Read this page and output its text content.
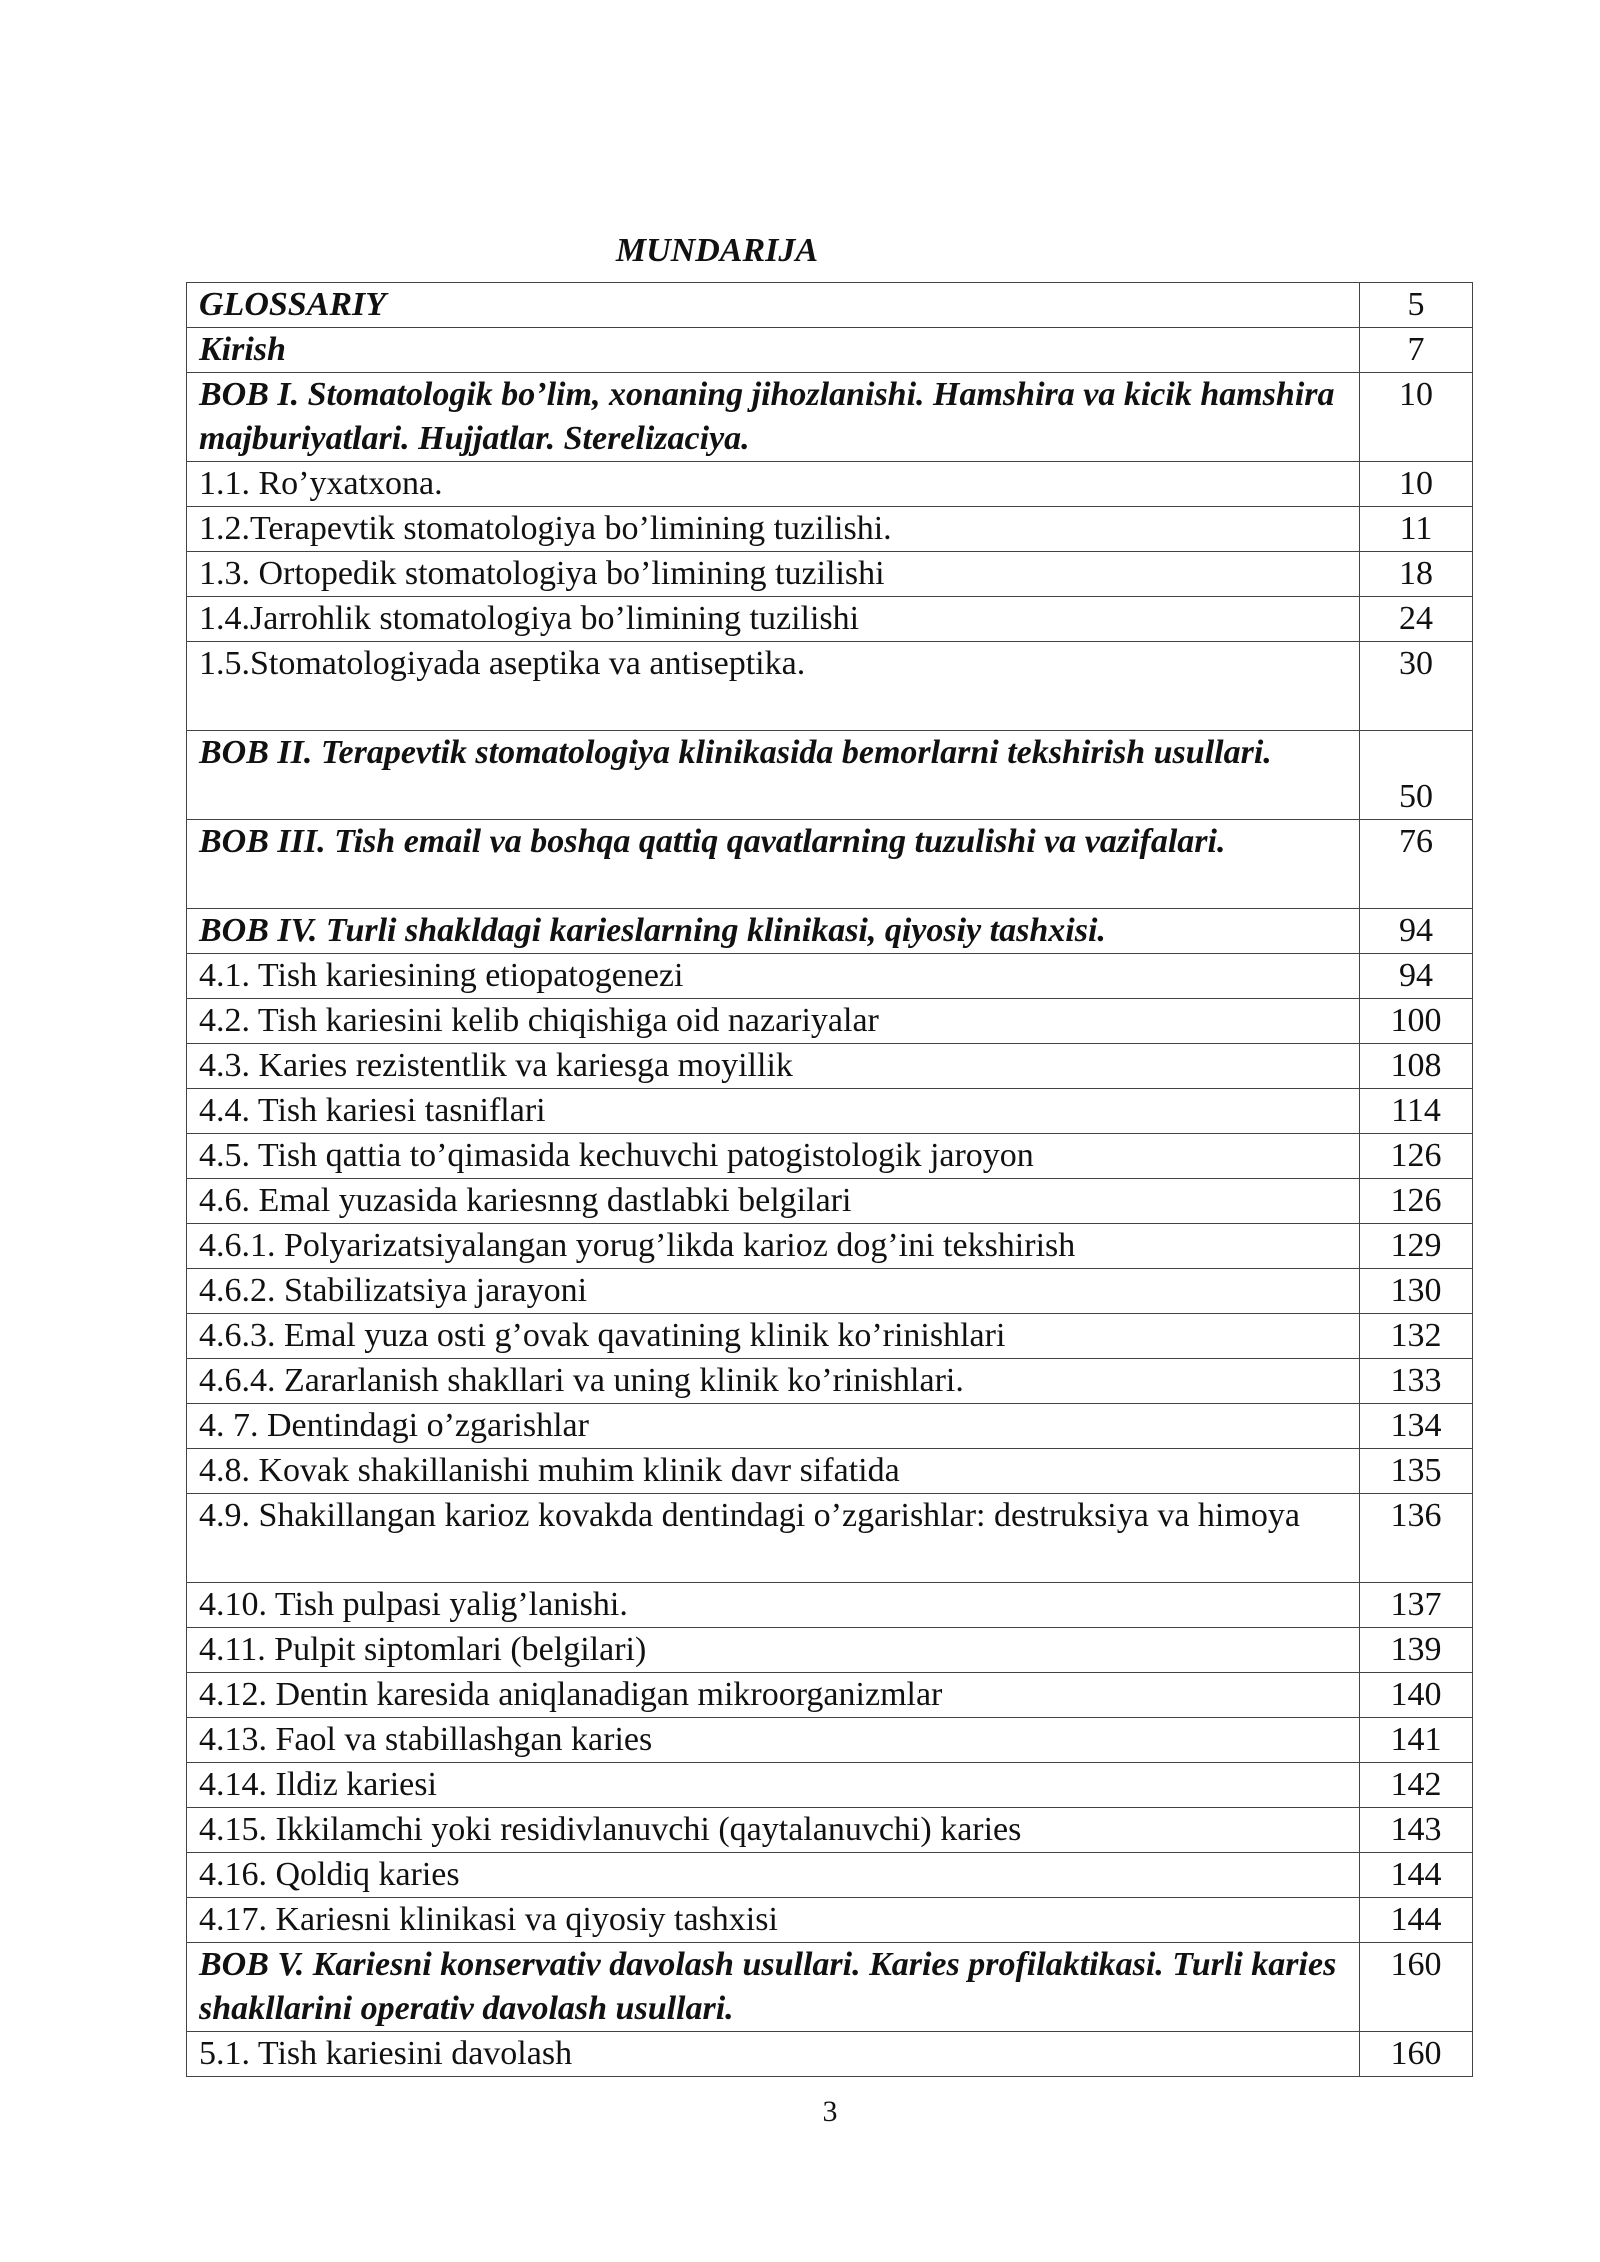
MUNDARIJA
GLOSSARIY	5
Kirish	7
BOB I. Stomatologik bo’lim, xonaning jihozlanishi. Hamshira va kicik hamshira majburiyatlari. Hujjatlar. Sterelizaciya.	10
1.1. Ro’yxatxona.	10
1.2.Terapevtik stomatologiya bo’limining tuzilishi.	11
1.3. Ortopedik stomatologiya bo’limining tuzilishi	18
1.4.Jarrohlik stomatologiya bo’limining tuzilishi	24
1.5.Stomatologiyada aseptika va antiseptika.	30
BOB II. Terapevtik stomatologiya klinikasida bemorlarni tekshirish usullari.	50
BOB III. Tish email va boshqa qattiq qavatlarning tuzulishi va vazifalari.	76
BOB IV. Turli shakldagi karieslarning klinikasi, qiyosiy tashxisi.	94
4.1. Tish kariesining etiopatogenezi	94
4.2. Tish kariesini kelib chiqishiga oid nazariyalar	100
4.3. Karies rezistentlik va kariesga moyillik	108
4.4. Tish kariesi tasniflari	114
4.5. Tish qattia to’qimasida kechuvchi patogistologik jaroyon	126
4.6. Emal yuzasida kariesnng dastlabki belgilari	126
4.6.1. Polyarizatsiyalangan yorug’likda karioz dog’ini tekshirish	129
4.6.2. Stabilizatsiya jarayoni	130
4.6.3. Emal yuza osti g’ovak qavatining klinik ko’rinishlari	132
4.6.4. Zararlanish shakllari va uning klinik ko’rinishlari.	133
4. 7. Dentindagi o’zgarishlar	134
4.8. Kovak shakillanishi muhim klinik davr sifatida	135
4.9. Shakillangan karioz kovakda dentindagi o’zgarishlar: destruksiya va himoya	136
4.10. Tish pulpasi yalig’lanishi.	137
4.11. Pulpit siptomlari (belgilari)	139
4.12. Dentin karesida aniqlanadigan mikroorganizmlar	140
4.13. Faol va stabillashgan karies	141
4.14. Ildiz kariesi	142
4.15. Ikkilamchi yoki residivlanuvchi (qaytalanuvchi) karies	143
4.16. Qoldiq karies	144
4.17. Kariesni klinikasi va qiyosiy tashxisi	144
BOB V. Kariesni konservativ davolash usullari. Karies profilaktikasi. Turli karies shakllarini operativ davolash usullari.	160
5.1. Tish kariesini davolash	160
3
